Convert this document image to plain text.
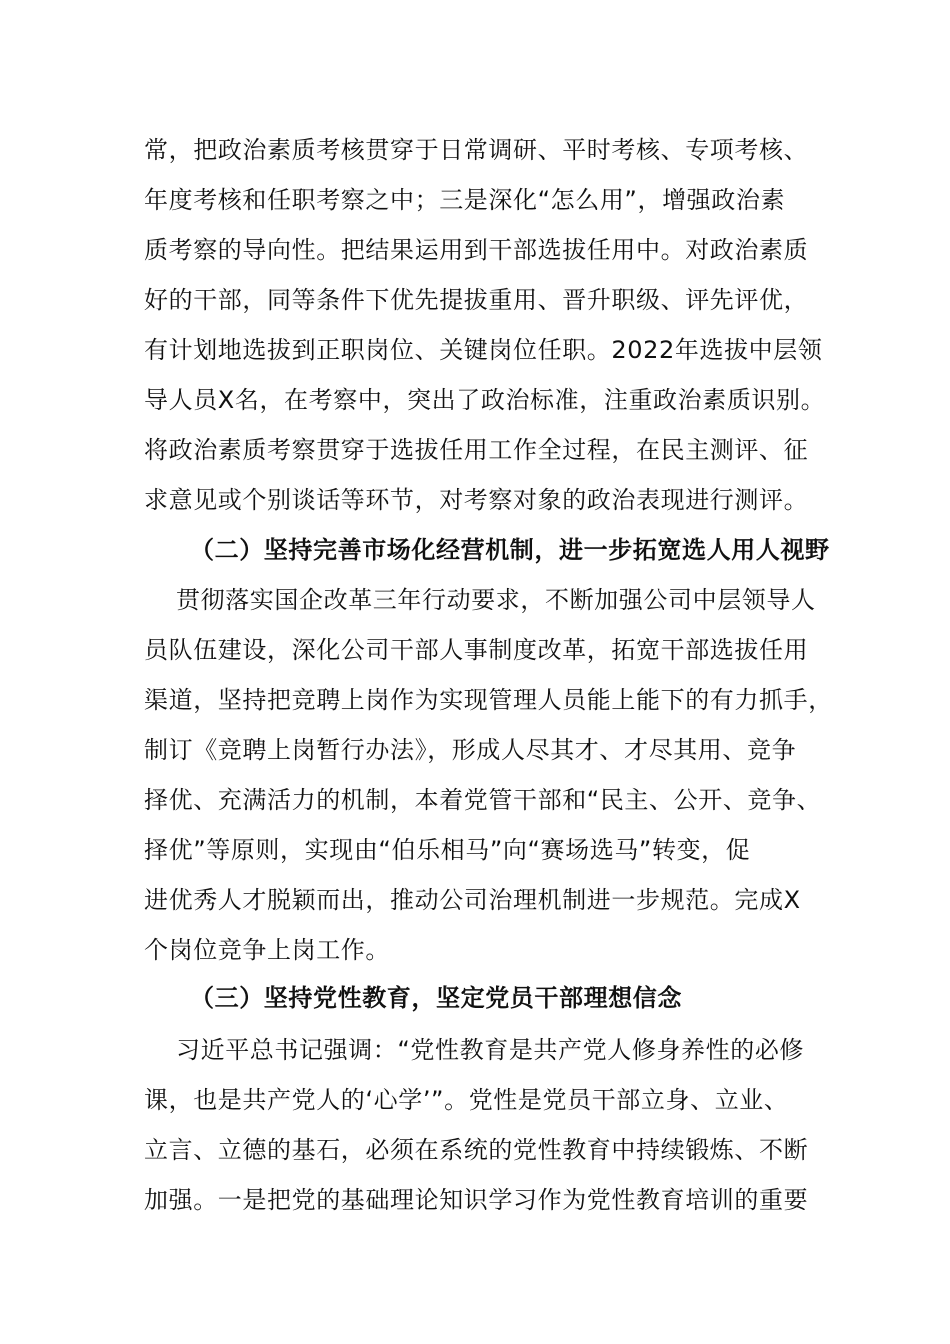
常，把政治素质考核贯穿于日常调研、平时考核、专项考核、
年度考核和任职考察之中；三是深化“怎么用”，增强政治素
质考察的导向性。把结果运用到干部选拔任用中。对政治素质
好的干部，同等条件下优先提拔重用、晋升职级、评先评优，
有计划地选拔到正职岗位、关键岗位任职。2022年选拔中层领
导人员X名，在考察中，突出了政治标准，注重政治素质识别。
将政治素质考察贯穿于选拔任用工作全过程，在民主测评、征
求意见或个别谈话等环节，对考察对象的政治表现进行测评。
（二）坚持完善市场化经营机制，进一步拓宽选人用人视野
贯彻落实国企改革三年行动要求，不断加强公司中层领导人
员队伍建设，深化公司干部人事制度改革，拓宽干部选拔任用
渠道，坚持把竞聘上岗作为实现管理人员能上能下的有力抓手，
制订《竞聘上岗暂行办法》，形成人尽其才、才尽其用、竞争
择优、充满活力的机制，本着党管干部和“民主、公开、竞争、
择优”等原则，实现由“伯乐相马”向“赛场选马”转变，促
进优秀人才脱颖而出，推动公司治理机制进一步规范。完成X
个岗位竞争上岗工作。
（三）坚持党性教育，坚定党员干部理想信念
习近平总书记强调：“党性教育是共产党人修身养性的必修
课，也是共产党人的‘心学’”。党性是党员干部立身、立业、
立言、立德的基石，必须在系统的党性教育中持续锻炼、不断
加强。一是把党的基础理论知识学习作为党性教育培训的重要
